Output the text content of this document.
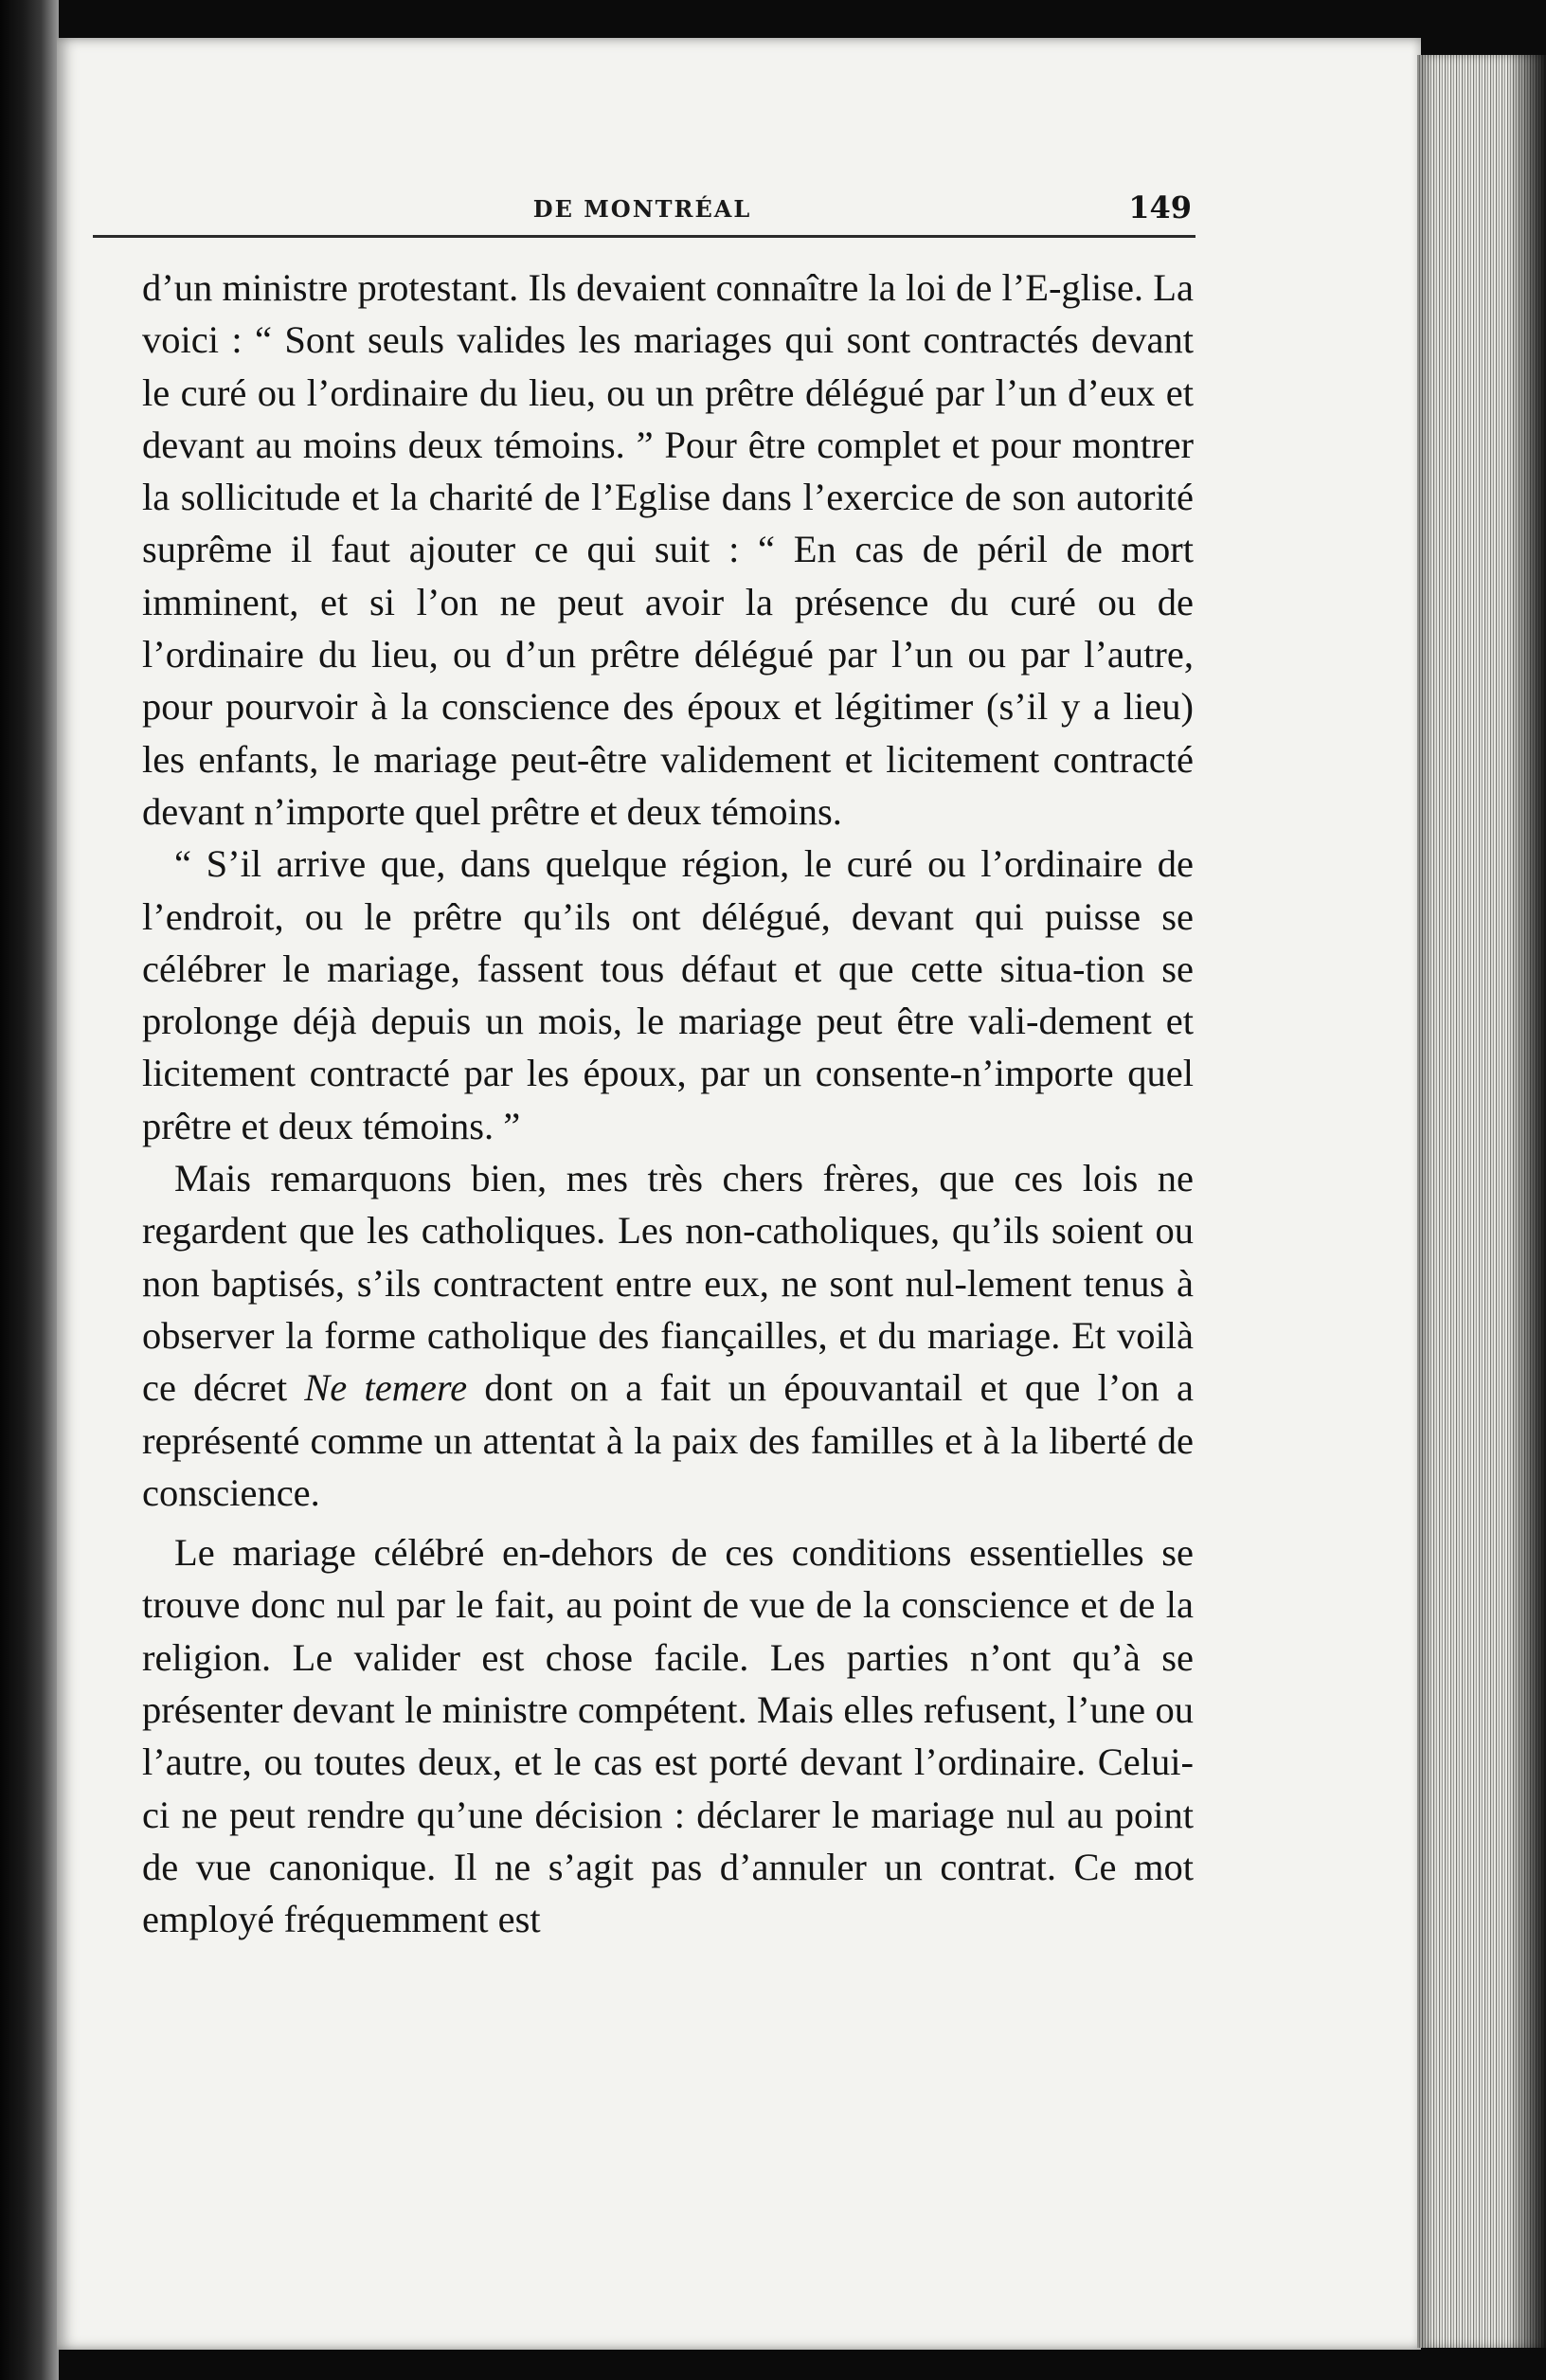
DE MONTRÉAL	149

d’un ministre protestant. Ils devaient connaître la loi de l’E-glise. La voici : “ Sont seuls valides les mariages qui sont contractés devant le curé ou l’ordinaire du lieu, ou un prêtre délégué par l’un d’eux et devant au moins deux témoins. ” Pour être complet et pour montrer la sollicitude et la charité de l’Eglise dans l’exercice de son autorité suprême il faut ajouter ce qui suit : “ En cas de péril de mort imminent, et si l’on ne peut avoir la présence du curé ou de l’ordinaire du lieu, ou d’un prêtre délégué par l’un ou par l’autre, pour pourvoir à la conscience des époux et légitimer (s’il y a lieu) les enfants, le mariage peut-être validement et licitement contracté devant n’importe quel prêtre et deux témoins.

“ S’il arrive que, dans quelque région, le curé ou l’ordinaire de l’endroit, ou le prêtre qu’ils ont délégué, devant qui puisse se célébrer le mariage, fassent tous défaut et que cette situa-tion se prolonge déjà depuis un mois, le mariage peut être vali-dement et licitement contracté par les époux, par un consente-n’importe quel prêtre et deux témoins. ”

Mais remarquons bien, mes très chers frères, que ces lois ne regardent que les catholiques. Les non-catholiques, qu’ils soient ou non baptisés, s’ils contractent entre eux, ne sont nul-lement tenus à observer la forme catholique des fiançailles, et du mariage. Et voilà ce décret Ne temere dont on a fait un épouvantail et que l’on a représenté comme un attentat à la paix des familles et à la liberté de conscience.

Le mariage célébré en-dehors de ces conditions essentielles se trouve donc nul par le fait, au point de vue de la conscience et de la religion. Le valider est chose facile. Les parties n’ont qu’à se présenter devant le ministre compétent. Mais elles refusent, l’une ou l’autre, ou toutes deux, et le cas est porté devant l’ordinaire. Celui-ci ne peut rendre qu’une décision : déclarer le mariage nul au point de vue canonique. Il ne s’agit pas d’annuler un contrat. Ce mot employé fréquemment est
